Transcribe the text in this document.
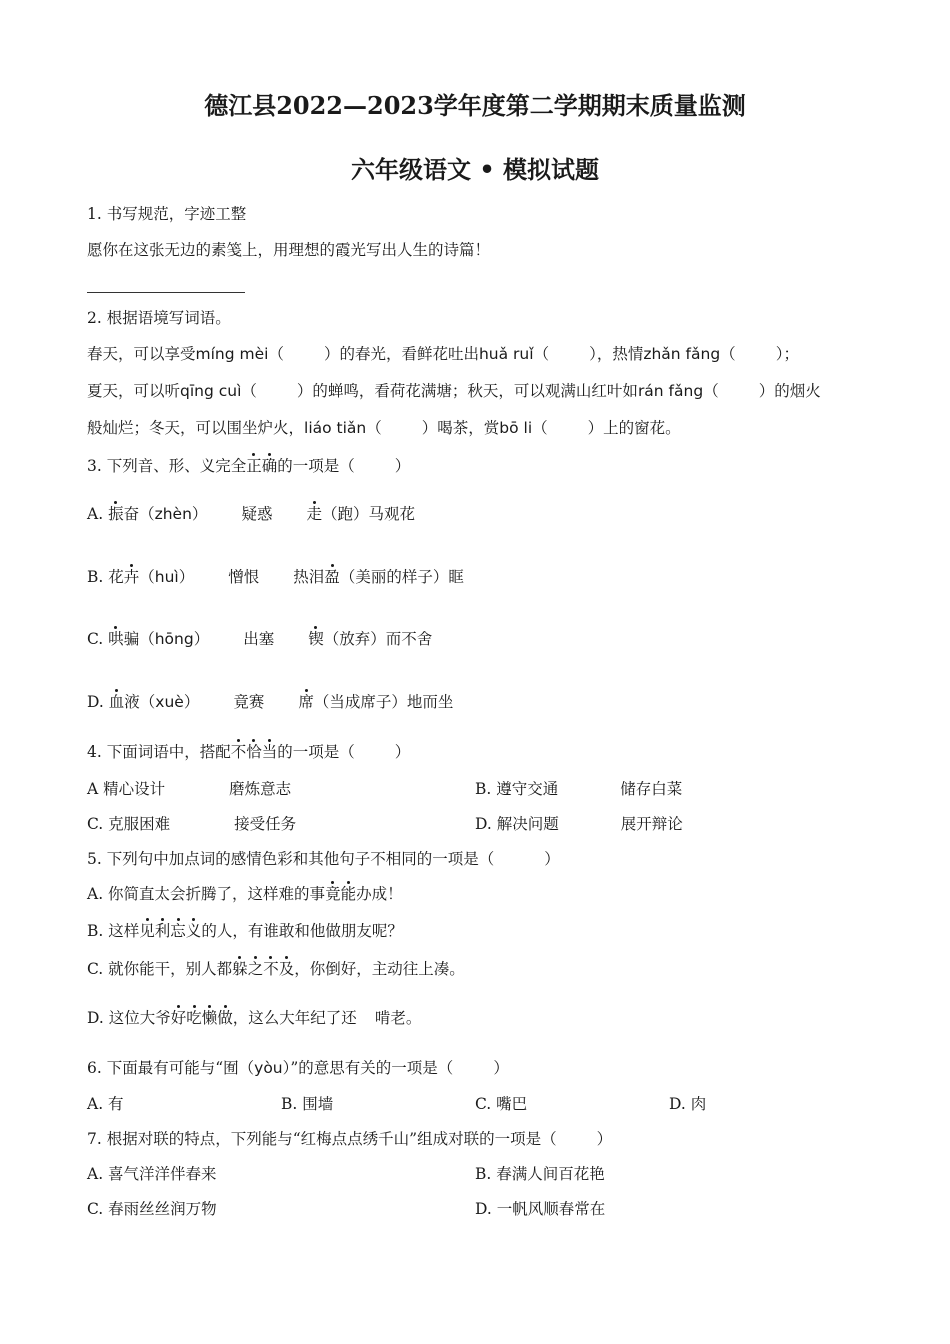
德江县2022—2023学年度第二学期期末质量监测
六年级语文 • 模拟试题
1. 书写规范，字迹工整
愿你在这张无边的素笺上，用理想的霞光写出人生的诗篇！
2. 根据语境写词语。
春天，可以享受míng mèi（	）的春光，看鲜花吐出huǎ ruǐ（	），热情zhǎn fǎng（	）；
夏天，可以听qīng cuì（	）的蝉鸣，看荷花满塘；秋天，可以观满山红叶如rán fǎng（	）的烟火
般灿烂；冬天，可以围坐炉火，liáo tiǎn（	）喝茶，赏bō li（	）上的窗花。
3. 下列音、形、义完全正确的一项是（	）
A. 振奋（zhèn） 疑惑 走（跑）马观花
B. 花卉（huì） 憎恨 热泪盈（美丽的样子）眶
C. 哄骗（hōng） 出塞 锲（放弃）而不舍
D. 血液（xuè） 竟赛 席（当成席子）地而坐
4. 下面词语中，搭配不恰当的一项是（	）
A 精心设计	磨炼意志	B. 遵守交通	储存白菜
C. 克服困难	接受任务	D. 解决问题	展开辩论
5. 下列句中加点词的感情色彩和其他句子不相同的一项是（	）
A. 你简直太会折腾了，这样难的事竟能办成！
B. 这样见利忘义的人，有谁敢和他做朋友呢？
C. 就你能干，别人都躲之不及，你倒好，主动往上凑。
D. 这位大爷好吃懒做，这么大年纪了还 啃老。
6. 下面最有可能与“囿（yòu）”的意思有关的一项是（	）
A. 有	B. 围墙	C. 嘴巴	D. 肉
7. 根据对联的特点，下列能与“红梅点点绣千山”组成对联的一项是（	）
A. 喜气洋洋伴春来	B. 春满人间百花艳
C. 春雨丝丝润万物	D. 一帆风顺春常在
